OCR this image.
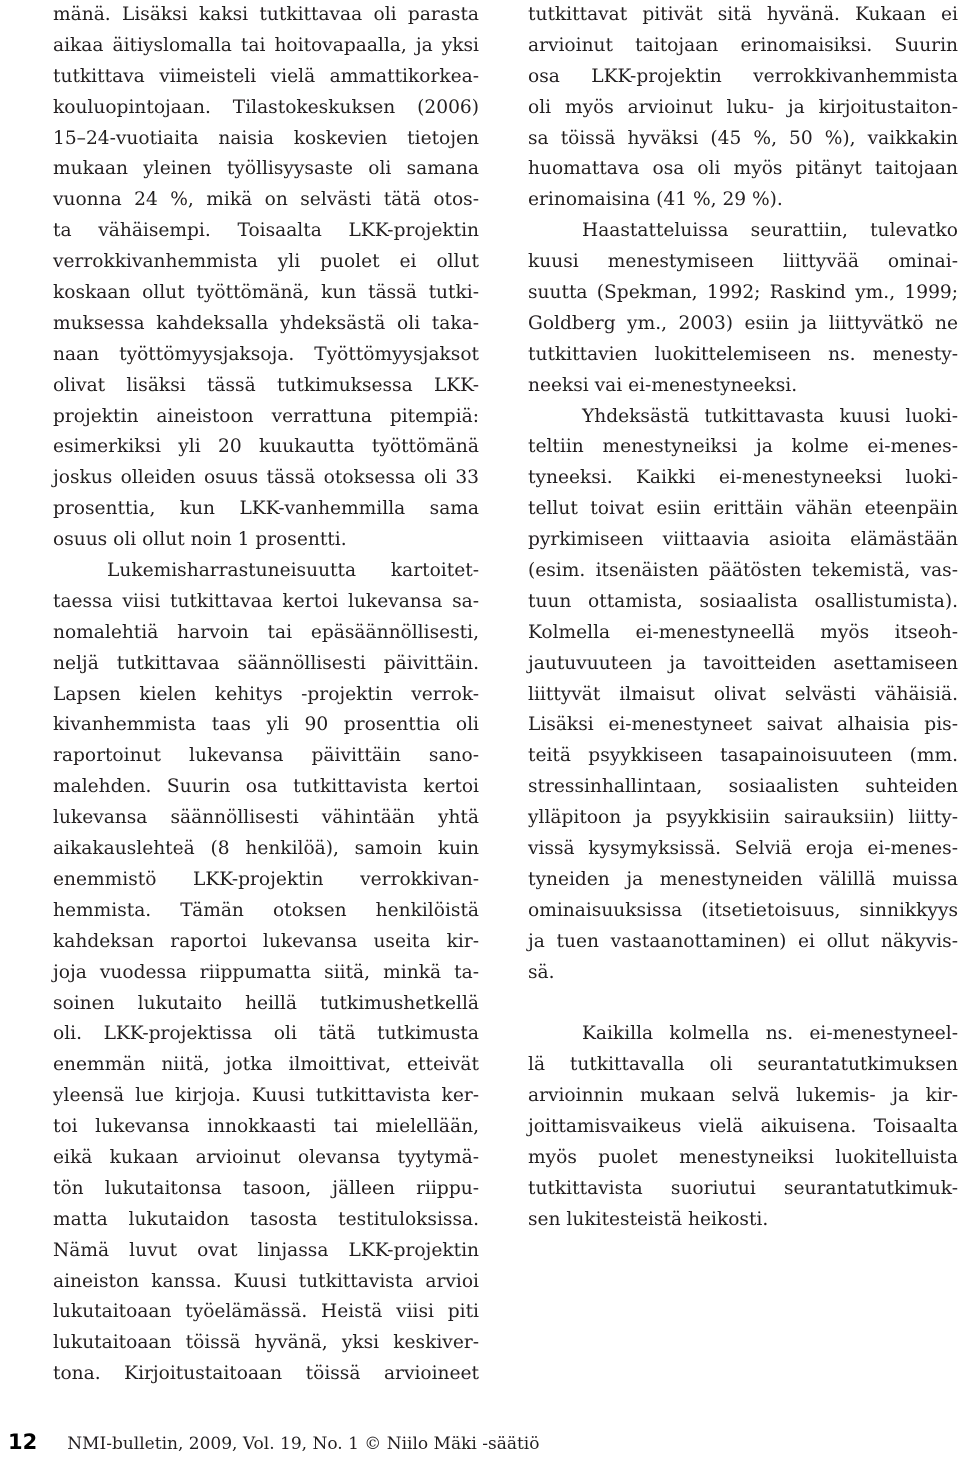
mänä. Lisäksi kaksi tutkittavaa oli parasta
aikaa äitiyslomalla tai hoitovapaalla, ja yksi
tutkittava viimeisteli vielä ammattikorkea-
kouluopintojaan. Tilastokeskuksen (2006)
15–24-vuotiaita naisia koskevien tietojen
mukaan yleinen työllisyysaste oli samana
vuonna 24 %, mikä on selvästi tätä otos-
ta vähäisempi. Toisaalta LKK-projektin
verrokkivanhemmista yli puolet ei ollut
koskaan ollut työttömänä, kun tässä tutki-
muksessa kahdeksalla yhdeksästä oli taka-
naan työttömyysjaksoja. Työttömyysjaksot
olivat lisäksi tässä tutkimuksessa LKK-
projektin aineistoon verrattuna pitempiä:
esimerkiksi yli 20 kuukautta työttömänä
joskus olleiden osuus tässä otoksessa oli 33
prosenttia, kun LKK-vanhemmilla sama
osuus oli ollut noin 1 prosentti.
Lukemisharrastuneisuutta kartoitet-
taessa viisi tutkittavaa kertoi lukevansa sa-
nomalehtiä harvoin tai epäsäännöllisesti,
neljä tutkittavaa säännöllisesti päivittäin.
Lapsen kielen kehitys -projektin verrok-
kivanhemmista taas yli 90 prosenttia oli
raportoinut lukevansa päivittäin sano-
malehden. Suurin osa tutkittavista kertoi
lukevansa säännöllisesti vähintään yhtä
aikakauslehteä (8 henkilöä), samoin kuin
enemmistö LKK-projektin verrokkivan-
hemmista. Tämän otoksen henkilöistä
kahdeksan raportoi lukevansa useita kir-
joja vuodessa riippumatta siitä, minkä ta-
soinen lukutaito heillä tutkimushetkellä
oli. LKK-projektissa oli tätä tutkimusta
enemmän niitä, jotka ilmoittivat, etteivät
yleensä lue kirjoja. Kuusi tutkittavista ker-
toi lukevansa innokkaasti tai mielellään,
eikä kukaan arvioinut olevansa tyytymä-
tön lukutaitonsa tasoon, jälleen riippu-
matta lukutaidon tasosta testituloksissa.
Nämä luvut ovat linjassa LKK-projektin
aineiston kanssa. Kuusi tutkittavista arvioi
lukutaitoaan työelämässä. Heistä viisi piti
lukutaitoaan töissä hyvänä, yksi keskiver-
tona. Kirjoitustaitoaan töissä arvioineet
tutkittavat pitivät sitä hyvänä. Kukaan ei
arvioinut taitojaan erinomaisiksi. Suurin
osa LKK-projektin verrokkivanhemmista
oli myös arvioinut luku- ja kirjoitustaiton-
sa töissä hyväksi (45 %, 50 %), vaikkakin
huomattava osa oli myös pitänyt taitojaan
erinomaisina (41 %, 29 %).
Haastatteluissa seurattiin, tulevatko
kuusi menestymiseen liittyvää ominai-
suutta (Spekman, 1992; Raskind ym., 1999;
Goldberg ym., 2003) esiin ja liittyvätkö ne
tutkittavien luokittelemiseen ns. menesty-
neeksi vai ei-menestyneeksi.
Yhdeksästä tutkittavasta kuusi luoki-
teltiin menestyneiksi ja kolme ei-menes-
tyneeksi. Kaikki ei-menestyneeksi luoki-
tellut toivat esiin erittäin vähän eteenpäin
pyrkimiseen viittaavia asioita elämästään
(esim. itsenäisten päätösten tekemistä, vas-
tuun ottamista, sosiaalista osallistumista).
Kolmella ei-menestyneellä myös itseoh-
jautuvuuteen ja tavoitteiden asettamiseen
liittyvät ilmaisut olivat selvästi vähäisiä.
Lisäksi ei-menestyneet saivat alhaisia pis-
teitä psyykkiseen tasapainoisuuteen (mm.
stressinhallintaan, sosiaalisten suhteiden
ylläpitoon ja psyykkisiin sairauksiin) liitty-
vissä kysymyksissä. Selviä eroja ei-menes-
tyneiden ja menestyneiden välillä muissa
ominaisuuksissa (itsetietoisuus, sinnikkyys
ja tuen vastaanottaminen) ei ollut näkyvis-
sä.
Kaikilla kolmella ns. ei-menestyneel-
lä tutkittavalla oli seurantatutkimuksen
arvioinnin mukaan selvä lukemis- ja kir-
joittamisvaikeus vielä aikuisena. Toisaalta
myös puolet menestyneiksi luokitelluista
tutkittavista suoriutui seurantatutkimuk-
sen lukitesteistä heikosti.
12 NMI-bulletin, 2009, Vol. 19, No. 1 © Niilo Mäki -säätiö
